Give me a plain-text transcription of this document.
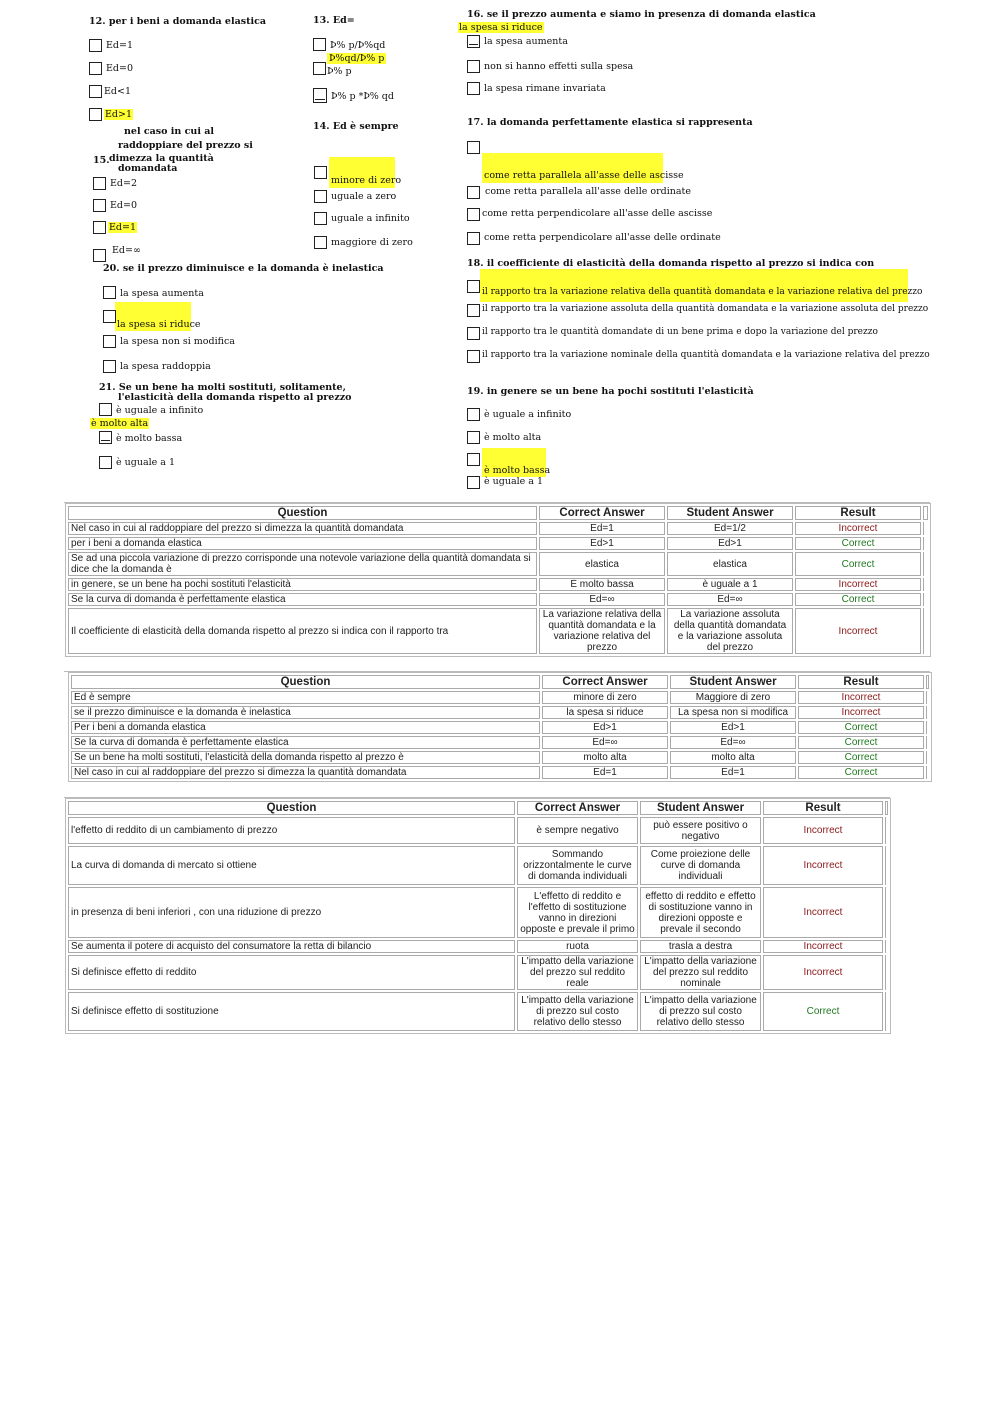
12. per i beni a domanda elastica
Ed=1
Ed=0
Ed<1
Ed>1
nel caso in cui al
raddoppiare del prezzo si
15. dimezza la quantità
domandata
Ed=2
Ed=0
Ed=1
Ed=∞
13. Ed=
Þ% p/Þ%qd
Þ%qd/Þ% p
Þ% p
Þ% p *Þ% qd
14. Ed è sempre
minore di zero
uguale a zero
uguale a infinito
maggiore di zero
20. se il prezzo diminuisce e la domanda è inelastica
la spesa aumenta
la spesa si riduce
la spesa non si modifica
la spesa raddoppia
21. Se un bene ha molti sostituti, solitamente,
l'elasticità della domanda rispetto al prezzo
è uguale a infinito
è molto alta
è molto bassa
è uguale a 1
16. se il prezzo aumenta e siamo in presenza di domanda elastica
la spesa si riduce
la spesa aumenta
non si hanno effetti sulla spesa
la spesa rimane invariata
17. la domanda perfettamente elastica si rappresenta
come retta parallela all'asse delle ascisse
come retta parallela all'asse delle ordinate
come retta perpendicolare all'asse delle ascisse
come retta perpendicolare all'asse delle ordinate
18. il coefficiente di elasticità della domanda rispetto al prezzo si indica con
il rapporto tra la variazione relativa della quantità domandata e la variazione relativa del prezzo
il rapporto tra la variazione assoluta della quantità domandata e la variazione assoluta del prezzo
il rapporto tra le quantità domandate di un bene prima e dopo la variazione del prezzo
il rapporto tra la variazione nominale della quantità domandata e la variazione relativa del prezzo
19. in genere se un bene ha pochi sostituti l'elasticità
è uguale a infinito
è molto alta
è molto bassa
è uguale a 1
Question	Correct Answer	Student Answer	Result	
Nel caso in cui al raddoppiare del prezzo si dimezza la quantità domandata	Ed=1	Ed=1/2	Incorrect	
per i beni a domanda elastica	Ed>1	Ed>1	Correct	
Se ad una piccola variazione di prezzo corrisponde una notevole variazione della quantità domandata si dice che la domanda è	elastica	elastica	Correct	
in genere, se un bene ha pochi sostituti l'elasticità	È molto bassa	è uguale a 1	Incorrect	
Se la curva di domanda è perfettamente elastica	Ed=∞	Ed=∞	Correct	
Il coefficiente di elasticità della domanda rispetto al prezzo si indica con il rapporto tra	La variazione relativa della quantità domandata e la variazione relativa del prezzo	La variazione assoluta della quantità domandata e la variazione assoluta del prezzo	Incorrect	
Question	Correct Answer	Student Answer	Result	
Ed è sempre	minore di zero	Maggiore di zero	Incorrect	
se il prezzo diminuisce e la domanda è inelastica	la spesa si riduce	La spesa non si modifica	Incorrect	
Per i beni a domanda elastica	Ed>1	Ed>1	Correct	
Se la curva di domanda è perfettamente elastica	Ed=∞	Ed=∞	Correct	
Se un bene ha molti sostituti, l'elasticità della domanda rispetto al prezzo è	molto alta	molto alta	Correct	
Nel caso in cui al raddoppiare del prezzo si dimezza la quantità domandata	Ed=1	Ed=1	Correct	
Question	Correct Answer	Student Answer	Result	
l'effetto di reddito di un cambiamento di prezzo	è sempre negativo	può essere positivo o negativo	Incorrect	
La curva di domanda di mercato si ottiene	Sommando orizzontalmente le curve di domanda individuali	Come proiezione delle curve di domanda individuali	Incorrect	
in presenza di beni inferiori , con una riduzione di prezzo	L'effetto di reddito e l'effetto di sostituzione vanno in direzioni opposte e prevale il primo	effetto di reddito e effetto di sostituzione vanno in direzioni opposte e prevale il secondo	Incorrect	
Se aumenta il potere di acquisto del consumatore la retta di bilancio	ruota	trasla a destra	Incorrect	
Si definisce effetto di reddito	L'impatto della variazione del prezzo sul reddito reale	L'impatto della variazione del prezzo sul reddito nominale	Incorrect	
Si definisce effetto di sostituzione	L'impatto della variazione di prezzo sul costo relativo dello stesso	L'impatto della variazione di prezzo sul costo relativo dello stesso	Correct	
